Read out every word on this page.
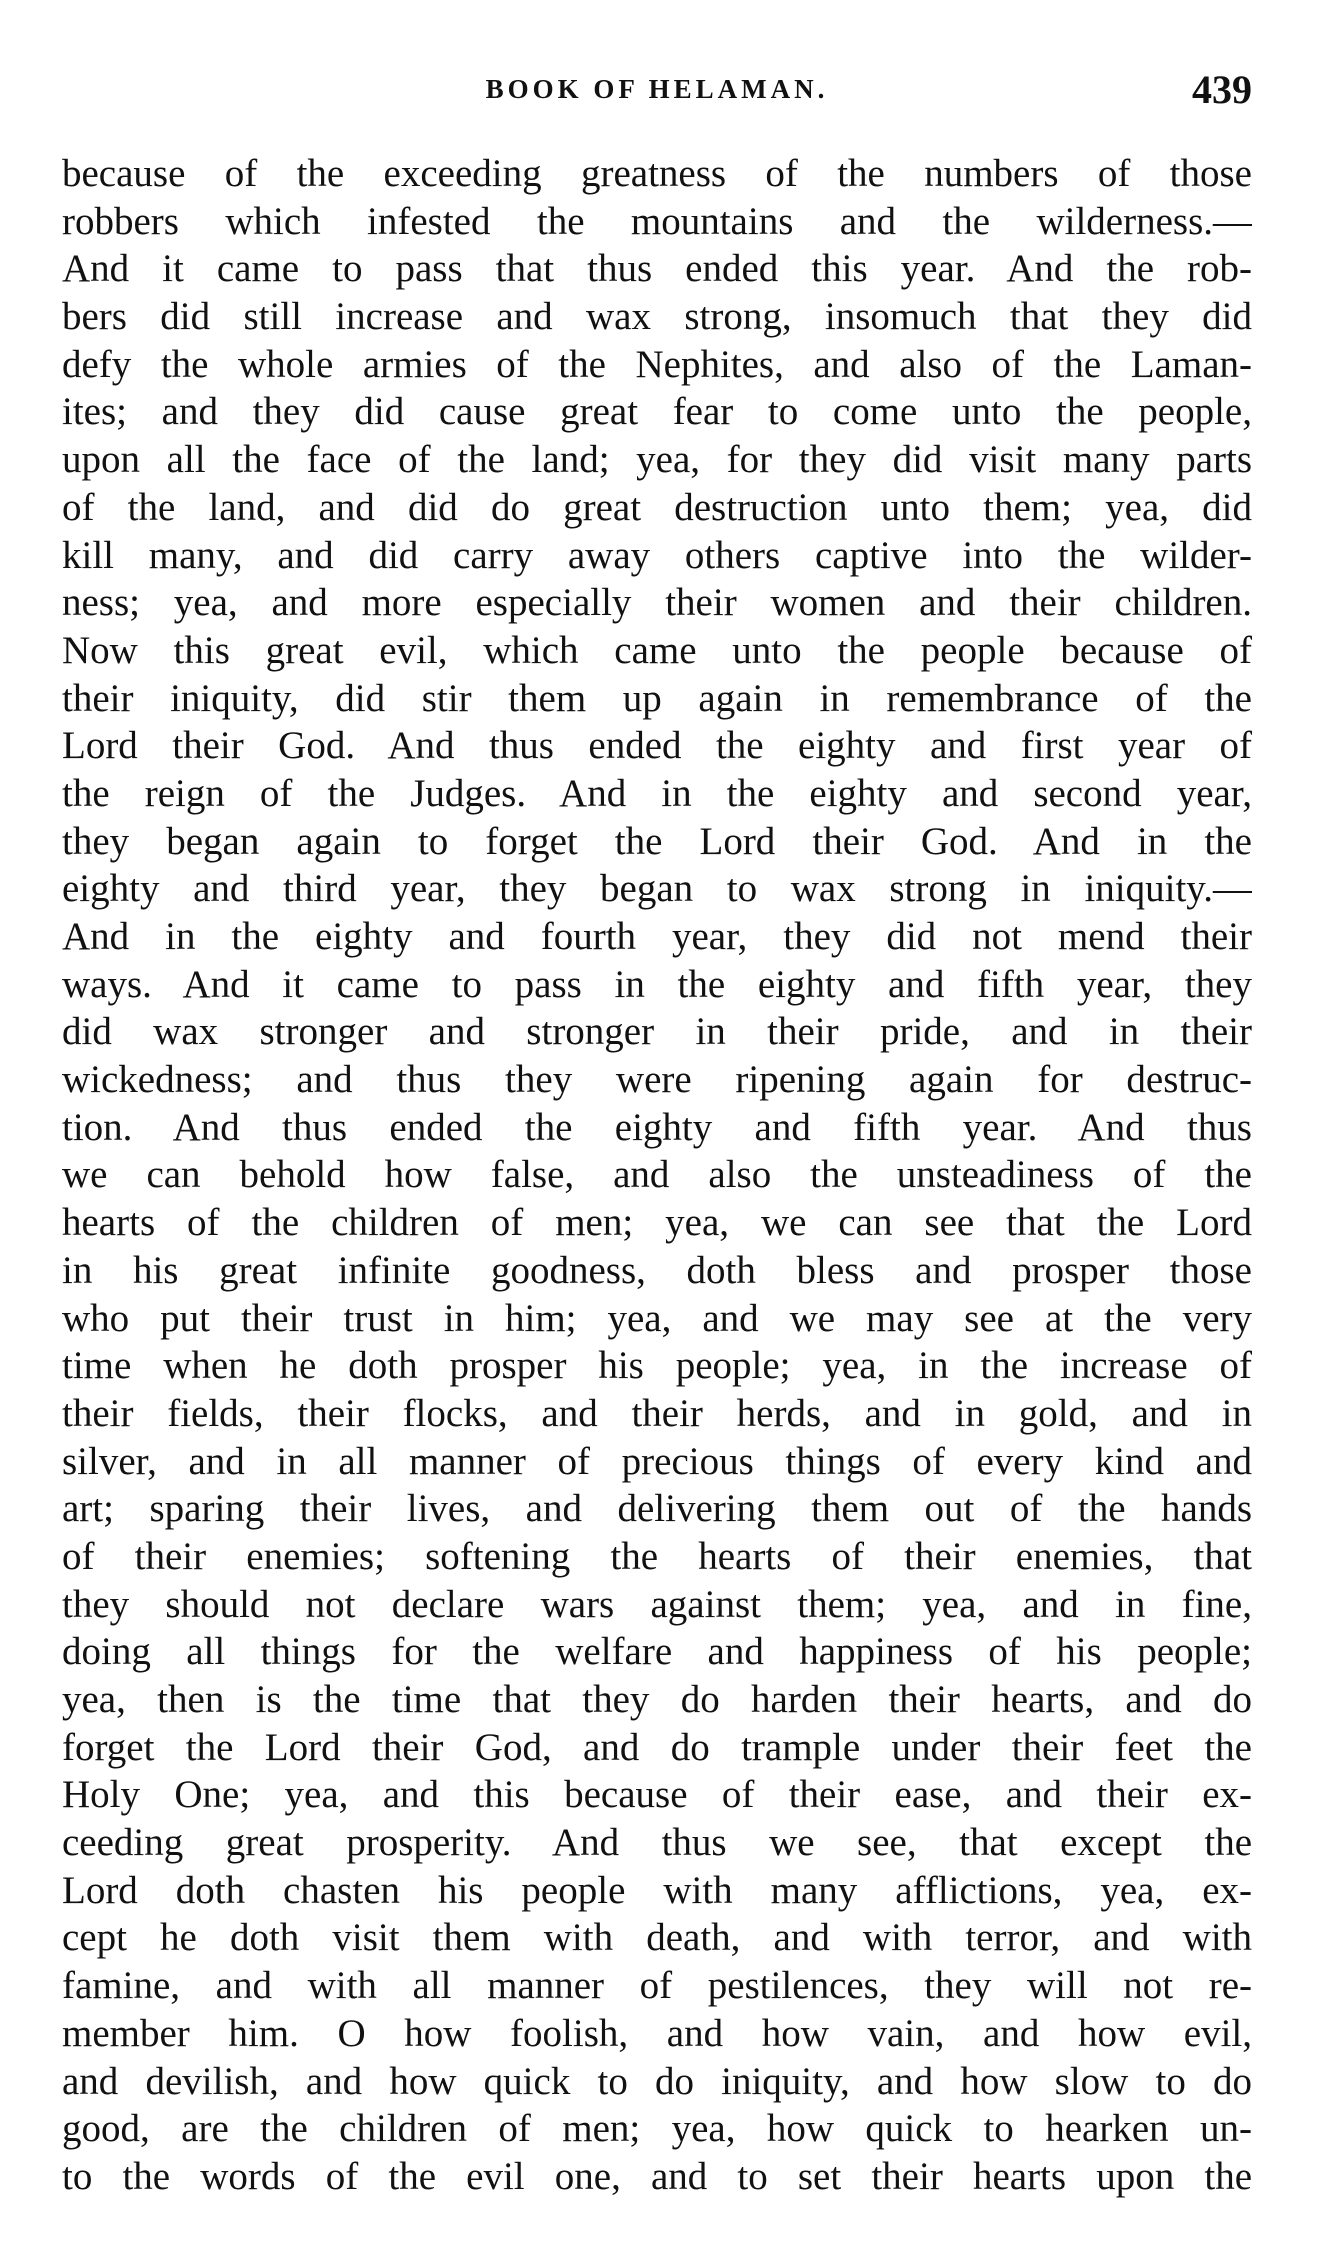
BOOK OF HELAMAN.	439
because of the exceeding greatness of the numbers of those
robbers which infested the mountains and the wilderness.—
And it came to pass that thus ended this year. And the rob-
bers did still increase and wax strong, insomuch that they did
defy the whole armies of the Nephites, and also of the Laman-
ites; and they did cause great fear to come unto the people,
upon all the face of the land; yea, for they did visit many parts
of the land, and did do great destruction unto them; yea, did
kill many, and did carry away others captive into the wilder-
ness; yea, and more especially their women and their children.
Now this great evil, which came unto the people because of
their iniquity, did stir them up again in remembrance of the
Lord their God. And thus ended the eighty and first year of
the reign of the Judges. And in the eighty and second year,
they began again to forget the Lord their God. And in the
eighty and third year, they began to wax strong in iniquity.—
And in the eighty and fourth year, they did not mend their
ways. And it came to pass in the eighty and fifth year, they
did wax stronger and stronger in their pride, and in their
wickedness; and thus they were ripening again for destruc-
tion. And thus ended the eighty and fifth year. And thus
we can behold how false, and also the unsteadiness of the
hearts of the children of men; yea, we can see that the Lord
in his great infinite goodness, doth bless and prosper those
who put their trust in him; yea, and we may see at the very
time when he doth prosper his people; yea, in the increase of
their fields, their flocks, and their herds, and in gold, and in
silver, and in all manner of precious things of every kind and
art; sparing their lives, and delivering them out of the hands
of their enemies; softening the hearts of their enemies, that
they should not declare wars against them; yea, and in fine,
doing all things for the welfare and happiness of his people;
yea, then is the time that they do harden their hearts, and do
forget the Lord their God, and do trample under their feet the
Holy One; yea, and this because of their ease, and their ex-
ceeding great prosperity. And thus we see, that except the
Lord doth chasten his people with many afflictions, yea, ex-
cept he doth visit them with death, and with terror, and with
famine, and with all manner of pestilences, they will not re-
member him. O how foolish, and how vain, and how evil,
and devilish, and how quick to do iniquity, and how slow to do
good, are the children of men; yea, how quick to hearken un-
to the words of the evil one, and to set their hearts upon the
